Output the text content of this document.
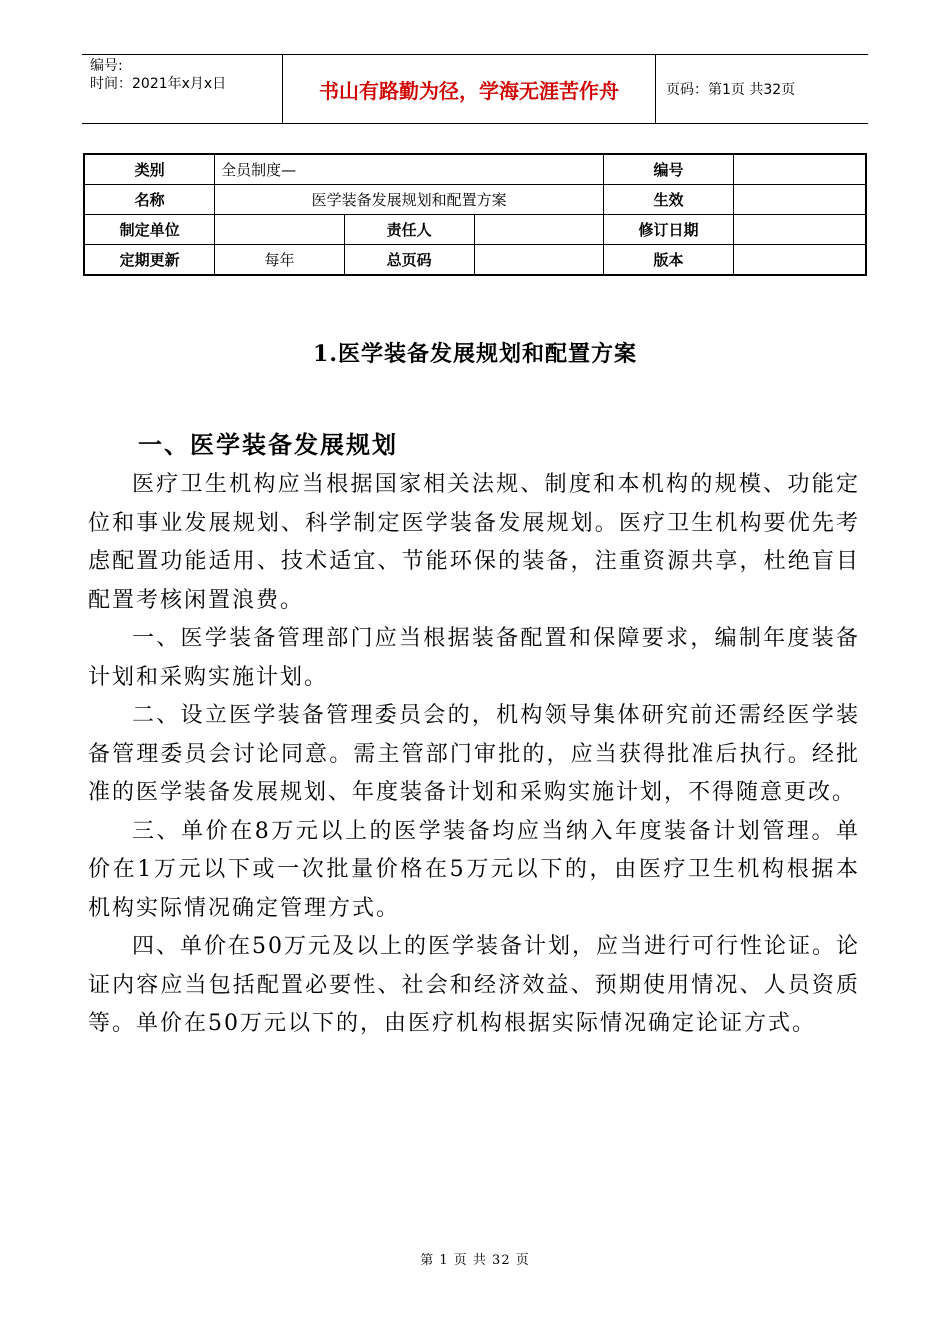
编号:
时间：2021年x月x日	书山有路勤为径，学海无涯苦作舟	页码：第1页 共32页
类别	全员制度—			编号	
名称	医学装备发展规划和配置方案			生效	
制定单位		责任人		修订日期	
定期更新	每年	总页码		版本	
1.医学装备发展规划和配置方案
一、医学装备发展规划

医疗卫生机构应当根据国家相关法规、制度和本机构的规模、功能定位和事业发展规划、科学制定医学装备发展规划。医疗卫生机构要优先考虑配置功能适用、技术适宜、节能环保的装备，注重资源共享，杜绝盲目配置考核闲置浪费。

一、医学装备管理部门应当根据装备配置和保障要求，编制年度装备计划和采购实施计划。

二、设立医学装备管理委员会的，机构领导集体研究前还需经医学装备管理委员会讨论同意。需主管部门审批的，应当获得批准后执行。经批准的医学装备发展规划、年度装备计划和采购实施计划，不得随意更改。

三、单价在8万元以上的医学装备均应当纳入年度装备计划管理。单价在1万元以下或一次批量价格在5万元以下的，由医疗卫生机构根据本机构实际情况确定管理方式。

四、单价在50万元及以上的医学装备计划，应当进行可行性论证。论证内容应当包括配置必要性、社会和经济效益、预期使用情况、人员资质等。单价在50万元以下的，由医疗机构根据实际情况确定论证方式。

第 1 页 共 32 页
